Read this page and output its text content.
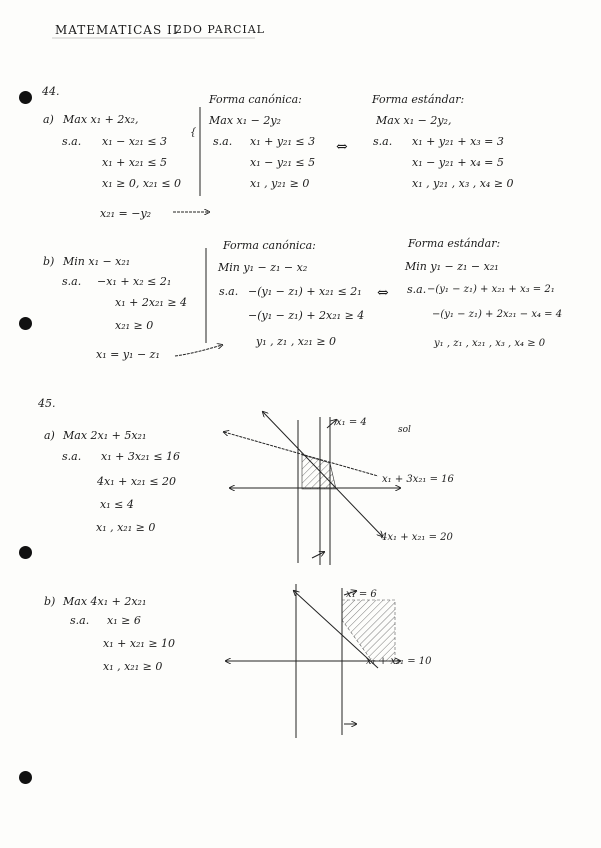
MATEMATICAS II
2DO PARCIAL
44.
a) Max x₁ + 2x₂,
s.a. x₁ − x₂₁ ≤ 3
x₁ + x₂₁ ≤ 5
x₁ ≥ 0, x₂₁ ≤ 0
x₂₁ = −y₂
Forma canónica:
Max x₁ − 2y₂
s.a. x₁ + y₂₁ ≤ 3
x₁ − y₂₁ ≤ 5
x₁ , y₂₁ ≥ 0
⇔
Forma estándar:
Max x₁ − 2y₂,
s.a. x₁ + y₂₁ + x₃ = 3
x₁ − y₂₁ + x₄ = 5
x₁ , y₂₁ , x₃ , x₄ ≥ 0
b) Min x₁ − x₂₁
s.a. −x₁ + x₂ ≤ 2₁
x₁ + 2x₂₁ ≥ 4
x₂₁ ≥ 0
x₁ = y₁ − z₁
Forma canónica:
Min y₁ − z₁ − x₂
s.a. −(y₁ − z₁) + x₂₁ ≤ 2₁
−(y₁ − z₁) + 2x₂₁ ≥ 4
y₁ , z₁ , x₂₁ ≥ 0
⇔
Forma estándar:
Min y₁ − z₁ − x₂₁
s.a. −(y₁ − z₁) + x₂₁ + x₃ = 2₁
−(y₁ − z₁) + 2x₂₁ − x₄ = 4
y₁ , z₁ , x₂₁ , x₃ , x₄ ≥ 0
45.
a) Max 2x₁ + 5x₂₁
s.a. x₁ + 3x₂₁ ≤ 16
4x₁ + x₂₁ ≤ 20
x₁ ≤ 4
x₁ , x₂₁ ≥ 0
b) Max 4x₁ + 2x₂₁
s.a. x₁ ≥ 6
x₁ + x₂₁ ≥ 10
x₁ , x₂₁ ≥ 0
{
x₁ = 4
sol
x₁ + 3x₂₁ = 16
4x₁ + x₂₁ = 20
x₁ = 6
x₁ + x₂₁ = 10
